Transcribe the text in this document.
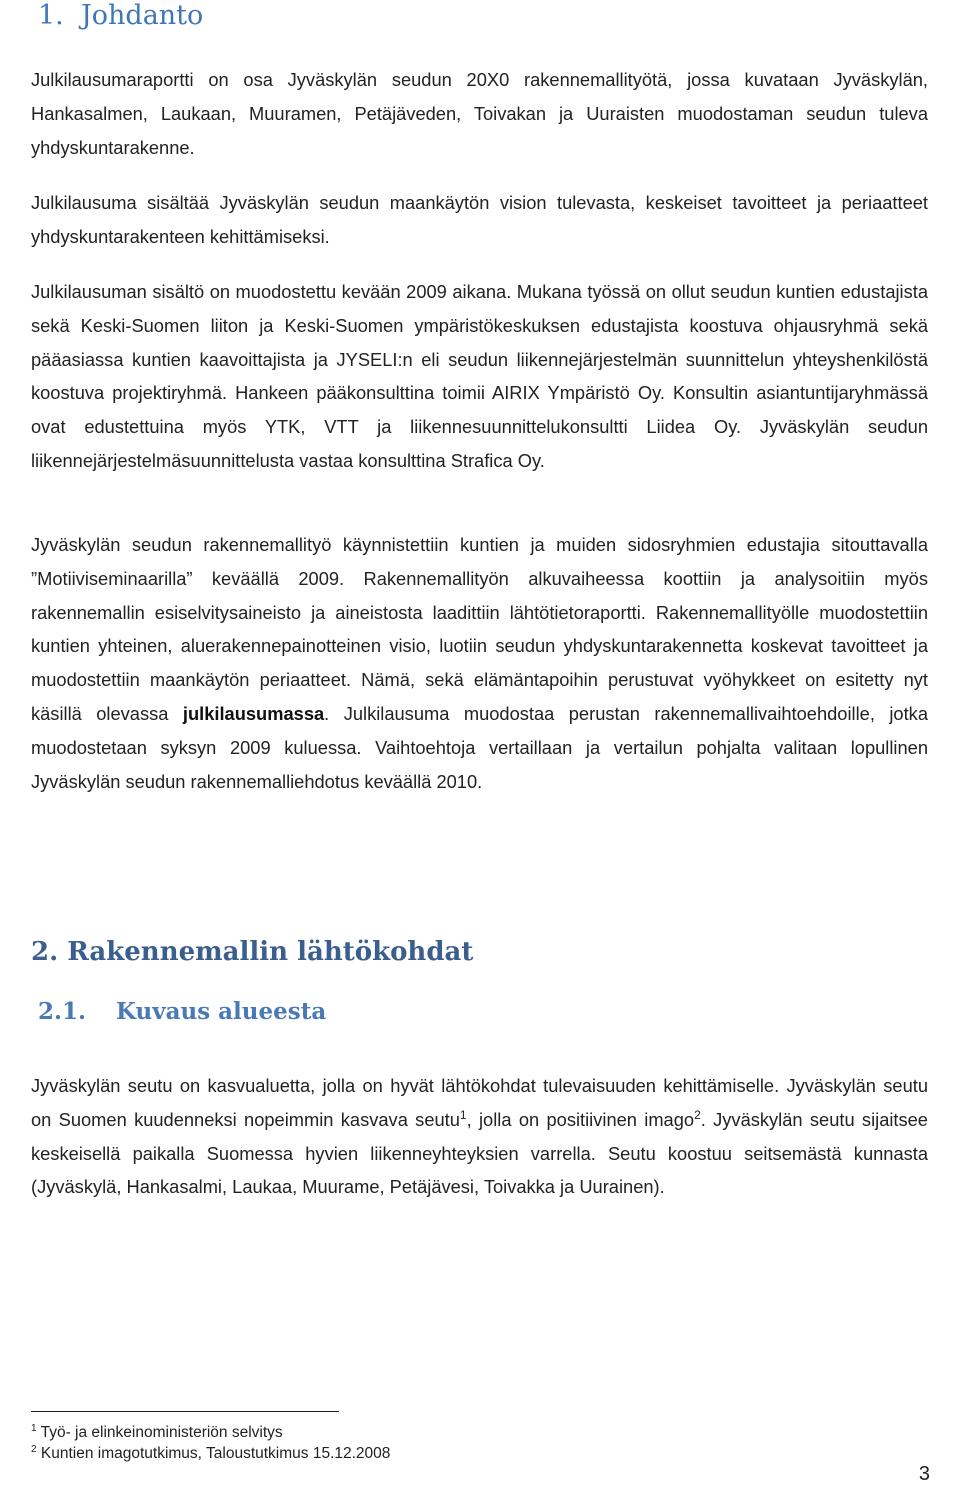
1. Johdanto

Julkilausumaraportti on osa Jyväskylän seudun 20X0 rakennemallityötä, jossa kuvataan Jyväskylän, Hankasalmen, Laukaan, Muuramen, Petäjäveden, Toivakan ja Uuraisten muodostaman seudun tuleva yhdyskuntarakenne.

Julkilausuma sisältää Jyväskylän seudun maankäytön vision tulevasta, keskeiset tavoitteet ja periaatteet yhdyskuntarakenteen kehittämiseksi.

Julkilausuman sisältö on muodostettu kevään 2009 aikana. Mukana työssä on ollut seudun kuntien edustajista sekä Keski-Suomen liiton ja Keski-Suomen ympäristökeskuksen edustajista koostuva ohjausryhmä sekä pääasiassa kuntien kaavoittajista ja JYSELI:n eli seudun liikennejärjestelmän suunnittelun yhteyshenkilöstä koostuva projektiryhmä. Hankeen pääkonsulttina toimii AIRIX Ympäristö Oy. Konsultin asiantuntijaryhmässä ovat edustettuina myös YTK, VTT ja liikennesuunnittelukonsultti Liidea Oy. Jyväskylän seudun liikennejärjestelmäsuunnittelusta vastaa konsulttina Strafica Oy.

Jyväskylän seudun rakennemallityö käynnistettiin kuntien ja muiden sidosryhmien edustajia sitouttavalla ”Motiiviseminaarilla” keväällä 2009. Rakennemallityön alkuvaiheessa koottiin ja analysoitiin myös rakennemallin esiselvitysaineisto ja aineistosta laadittiin lähtötietoraportti. Rakennemallityölle muodostettiin kuntien yhteinen, aluerakennepainotteinen visio, luotiin seudun yhdyskuntarakennetta koskevat tavoitteet ja muodostettiin maankäytön periaatteet. Nämä, sekä elämäntapoihin perustuvat vyöhykkeet on esitetty nyt käsillä olevassa julkilausumassa. Julkilausuma muodostaa perustan rakennemallivaihtoehdoille, jotka muodostetaan syksyn 2009 kuluessa. Vaihtoehtoja vertaillaan ja vertailun pohjalta valitaan lopullinen Jyväskylän seudun rakennemalliehdotus keväällä 2010.

2. Rakennemallin lähtökohdat
2.1. Kuvaus alueesta

Jyväskylän seutu on kasvualuetta, jolla on hyvät lähtökohdat tulevaisuuden kehittämiselle. Jyväskylän seutu on Suomen kuudenneksi nopeimmin kasvava seutu$^1$, jolla on positiivinen imago$^2$. Jyväskylän seutu sijaitsee keskeisellä paikalla Suomessa hyvien liikenneyhteyksien varrella. Seutu koostuu seitsemästä kunnasta (Jyväskylä, Hankasalmi, Laukaa, Muurame, Petäjävesi, Toivakka ja Uurainen).

$^1$ Työ- ja elinkeinoministeriön selvitys
$^2$ Kuntien imagotutkimus, Taloustutkimus 15.12.2008
3
